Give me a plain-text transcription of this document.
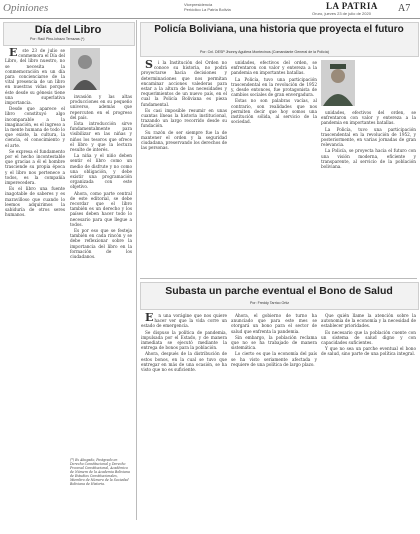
Opiniones	Vicepresidencia
Periódico La Patria Bolivia	LA PATRIA
Oruro, jueves 23 de julio de 2020	A7
Día del Libro
Por: Raúl Pino-Ichazo Terrazas (*)

Este 23 de julio se conmemora el Día del Libro, del libro nuestro, no se necesita la conmemoración en un día para concienciarse de la vital presencia de un libro en nuestras vidas porque éste desde su génesis tiene una superlativa importancia.

Desde que aparece el libro constituyó algo incomparable a la imaginación, es el ingreso a la mente humana de todo lo que existe, la cultura, la ciencia, el conocimiento y el arte.

Se expresa el fundamento por el hecho incontestable que gracias a él el hombre trasciende su propia época y el libro nos pertenece a todos, es la compañía imperecedera.

Es el libro una fuente inagotable de saberes y es maravilloso que cuando lo leemos adquirimos la sabiduría de otros seres humanos.

invasión y las altas producciones en su pequeño universo, además que repercuten en el progreso del país.

Esta introducción sirve fundamentalmente para visibilizar en las niñas y niños los tesoros que ofrece el libro y que la lectura resulte de interés.

La niña y el niño deben sentir el libro como un medio de disfrute y no como una obligación, y debe existir una programación organizada con este objetivo.

Ahora, como parte central de este editorial, se debe recordar que el libro también es un derecho y los países deben hacer todo lo necesario para que llegue a todos.

Es por eso que se festeja también en cada rincón y se debe reflexionar sobre la importancia del libro en la formación de los ciudadanos.

(*) Es Abogado, Postgrado en Derecho Constitucional y Derecho Procesal Constitucional, Académico de Número de la Academia Boliviana de Estudios Constitucionales, Miembro de Número de la Sociedad Boliviana de Historia.
Policía Boliviana, una historia que proyecta el futuro
Por: Cnl. DESP Jhonny Aguilera Montecinos (Comandante General de la Policía)

Si la Institución del Orden no conoce su historia, no podrá proyectarse hacia decisiones y determinaciones que nos permitan encaminar acciones valederas para estar a la altura de las necesidades y requerimientos de un nuevo país, en el cual la Policía Boliviana es pieza fundamental.

Es casi imposible resumir en unas cuantas líneas la historia institucional, trazando un largo recorrido desde su fundación.

Su razón de ser siempre fue la de mantener el orden y la seguridad ciudadana, preservando los derechos de las personas.

unidades, efectivos del orden, se enfrentaron con valor y entereza a la pandemia en importantes batallas.

La Policía, tuvo una participación trascendental en la revolución de 1952 y, desde entonces, fue protagonista de cambios sociales de gran envergadura.

Estas no son palabras vacías, al contrario, son realidades que nos permiten decir que hoy somos una institución sólida, al servicio de la sociedad.

unidades, efectivos del orden, se enfrentaron con valor y entereza a la pandemia en importantes batallas.

La Policía, tuvo una participación trascendental en la revolución de 1952, y posteriormente, en varias jornadas de gran relevancia.

La Policía, se proyecta hacia el futuro con una visión moderna, eficiente y transparente, al servicio de la población boliviana.

Subasta un parche eventual el Bono de Salud
Por: Freddy Tarrico Ortiz

En una vorágine que nos quiere hacer ver que la vida corre un estado de emergencia.

Se dispuso la política de pandemia, impulsada por el Estado, y de manera inmediata se ejecutó mediante la entrega de bonos para la población.

Ahora, después de la distribución de estos bonos, en la cual se tuvo que entregar en más de una ocasión, se ha visto que no es suficiente.

Ahora, el gobierno de turno ha anunciado que para este mes se otorgará un bono para el sector de salud que enfrenta la pandemia.

Sin embargo, la población reclama que no se ha trabajado de manera sistemática.

Lo cierto es que la economía del país se ha visto seriamente afectada y requiere de una política de largo plazo.

Que quién llame la atención sobre la autonomía de la economía y la necesidad de establecer prioridades.

Es necesario que la población cuente con un sistema de salud digno y con capacidades suficientes.

Y que no sea un parche eventual el bono de salud, sino parte de una política integral.
